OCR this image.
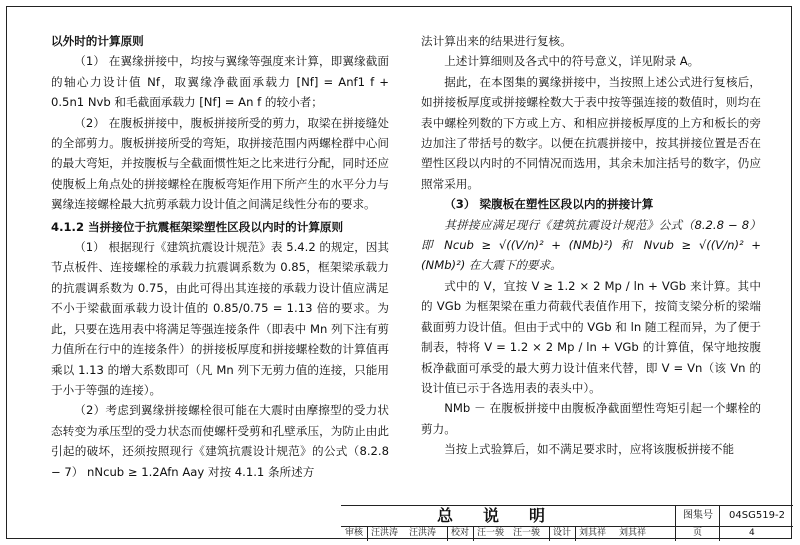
以外时的计算原则

（1） 在翼缘拼接中，均按与翼缘等强度来计算，即翼缘截面的轴心力设计值 Nf，取翼缘净截面承载力 [Nf] = Anf1 f + 0.5n1 Nvb 和毛截面承载力 [Nf] = An f 的较小者；

（2） 在腹板拼接中，腹板拼接所受的剪力，取梁在拼接缝处的全部剪力。腹板拼接所受的弯矩，取拼接范围内两螺栓群中心间的最大弯矩，并按腹板与全截面惯性矩之比来进行分配，同时还应使腹板上角点处的拼接螺栓在腹板弯矩作用下所产生的水平分力与翼缘连接螺栓最大抗剪承载力设计值之间满足线性分布的要求。

4.1.2 当拼接位于抗震框架梁塑性区段以内时的计算原则

（1） 根据现行《建筑抗震设计规范》表 5.4.2 的规定，因其节点板件、连接螺栓的承载力抗震调系数为 0.85，框架梁承载力的抗震调系数为 0.75，由此可得出其连接的承载力设计值应满足不小于梁截面承载力设计值的 0.85/0.75 = 1.13 倍的要求。为此，只要在选用表中将满足等强连接条件（即表中 Mn 列下注有剪力值所在行中的连接条件）的拼接板厚度和拼接螺栓数的计算值再乘以 1.13 的增大系数即可（凡 Mn 列下无剪力值的连接，只能用于小于等强的连接）。

（2）考虑到翼缘拼接螺栓很可能在大震时由摩擦型的受力状态转变为承压型的受力状态而使螺杆受剪和孔壁承压，为防止由此引起的破坏，还须按照现行《建筑抗震设计规范》的公式（8.2.8 − 7） nNcub ≥ 1.2Afn Aay 对按 4.1.1 条所述方

法计算出来的结果进行复核。

上述计算细则及各式中的符号意义，详见附录 A。

据此，在本图集的翼缘拼接中，当按照上述公式进行复核后，如拼接板厚度或拼接螺栓数大于表中按等强连接的数值时，则均在表中螺栓列数的下方或上方、和相应拼接板厚度的上方和板长的旁边加注了带括号的数字。以便在抗震拼接中，按其拼接位置是否在塑性区段以内时的不同情况而选用，其余未加注括号的数字，仍应照常采用。

（3） 梁腹板在塑性区段以内的拼接计算

其拼接应满足现行《建筑抗震设计规范》公式（8.2.8 − 8）即 Ncub ≥ √((V/n)² + (NMb)²) 和 Nvub ≥ √((V/n)² + (NMb)²) 在大震下的要求。

式中的 V，宜按 V ≥ 1.2 × 2 Mp / ln + VGb 来计算。其中的 VGb 为框架梁在重力荷载代表值作用下，按简支梁分析的梁端截面剪力设计值。但由于式中的 VGb 和 ln 随工程而异，为了便于制表，特将 V = 1.2 × 2 Mp / ln + VGb 的计算值，保守地按腹板净截面可承受的最大剪力设计值来代替，即 V = Vn（该 Vn 的设计值已示于各选用表的表头中）。

NMb － 在腹板拼接中由腹板净截面塑性弯矩引起一个螺栓的剪力。

当按上式验算后，如不满足要求时，应将该腹板拼接不能

总说明	图集号	04SG519-2
审核 汪洪涛 汪洪涛 校对 汪一骏 汪一骏 设计 刘其祥 刘其祥	页	4
